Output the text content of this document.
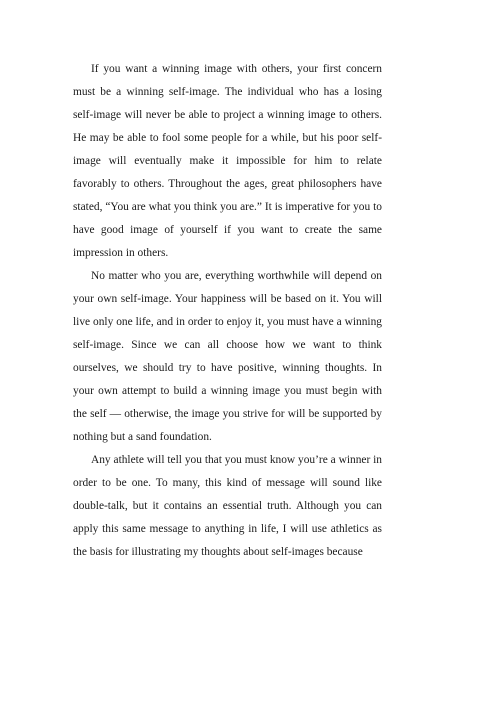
If you want a winning image with others, your first concern must be a winning self-image. The individual who has a losing self-image will never be able to project a winning image to others. He may be able to fool some people for a while, but his poor self-image will eventually make it impossible for him to relate favorably to others. Throughout the ages, great philosophers have stated, “You are what you think you are.” It is imperative for you to have good image of yourself if you want to create the same impression in others.

No matter who you are, everything worthwhile will depend on your own self-image. Your happiness will be based on it. You will live only one life, and in order to enjoy it, you must have a winning self-image. Since we can all choose how we want to think ourselves, we should try to have positive, winning thoughts. In your own attempt to build a winning image you must begin with the self — otherwise, the image you strive for will be supported by nothing but a sand foundation.

Any athlete will tell you that you must know you’re a winner in order to be one. To many, this kind of message will sound like double-talk, but it contains an essential truth. Although you can apply this same message to anything in life, I will use athletics as the basis for illustrating my thoughts about self-images because
